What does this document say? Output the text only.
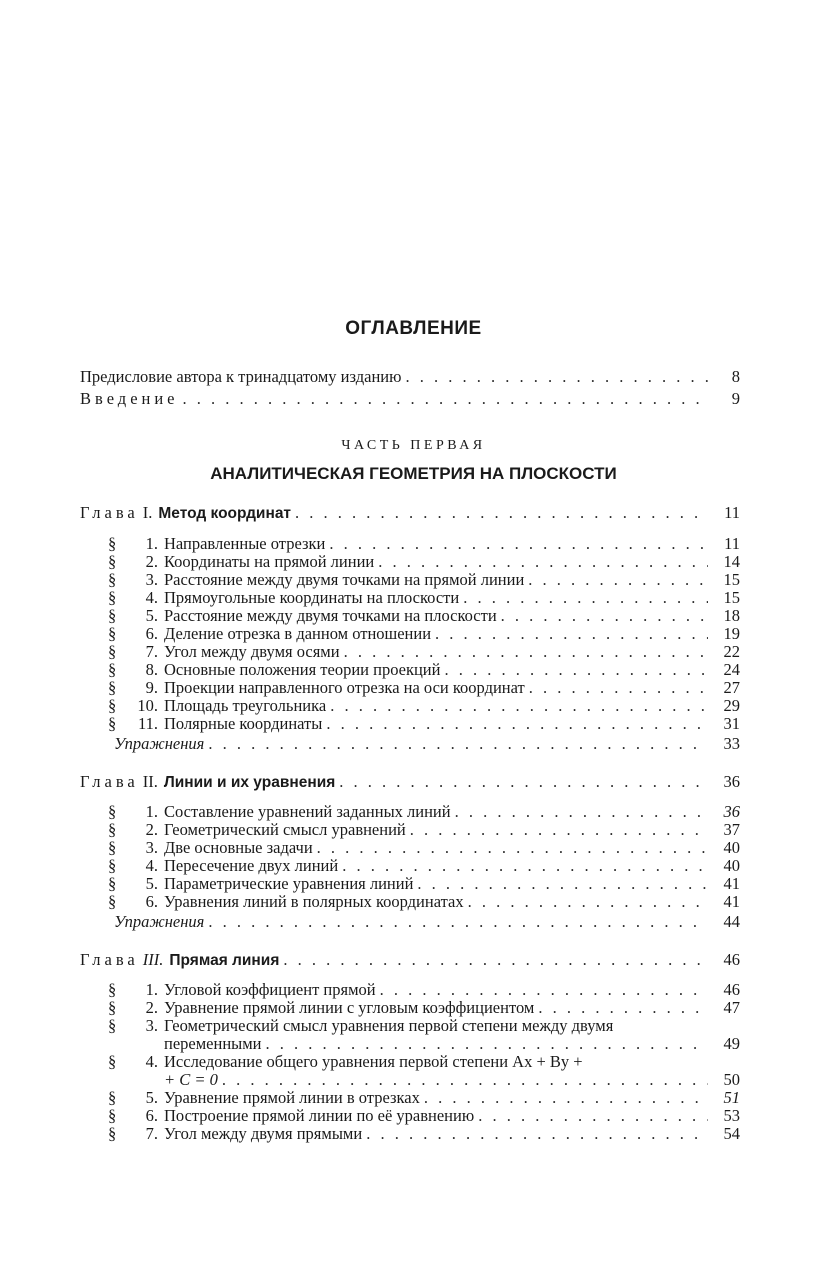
ОГЛАВЛЕНИЕ
Предисловие автора к тринадцатому изданию . . .	8
Введение . . .	9
ЧАСТЬ ПЕРВАЯ
АНАЛИТИЧЕСКАЯ ГЕОМЕТРИЯ НА ПЛОСКОСТИ
Глава I. Метод координат . . .	11
§	1. Направленные отрезки . . .	11
§	2. Координаты на прямой линии . . .	14
§	3. Расстояние между двумя точками на прямой линии . . .	15
§	4. Прямоугольные координаты на плоскости . . .	15
§	5. Расстояние между двумя точками на плоскости . . .	18
§	6. Деление отрезка в данном отношении . . .	19
§	7. Угол между двумя осями . . .	22
§	8. Основные положения теории проекций . . .	24
§	9. Проекции направленного отрезка на оси координат . . .	27
§	10. Площадь треугольника . . .	29
§	11. Полярные координаты . . .	31
Упражнения . . .	33
Глава II. Линии и их уравнения . . .	36
§	1. Составление уравнений заданных линий . . .	36
§	2. Геометрический смысл уравнений . . .	37
§	3. Две основные задачи . . .	40
§	4. Пересечение двух линий . . .	40
§	5. Параметрические уравнения линий . . .	41
§	6. Уравнения линий в полярных координатах . . .	41
Упражнения . . .	44
Глава III. Прямая линия . . .	46
§	1. Угловой коэффициент прямой . . .	46
§	2. Уравнение прямой линии с угловым коэффициентом . . .	47
§	3. Геометрический смысл уравнения первой степени между двумя
переменными . . .	49
§	4. Исследование общего уравнения первой степени Ax + By +
+ C = 0 . . .	50
§	5. Уравнение прямой линии в отрезках . . .	51
§	6. Построение прямой линии по её уравнению . . .	53
§	7. Угол между двумя прямыми . . .	54
